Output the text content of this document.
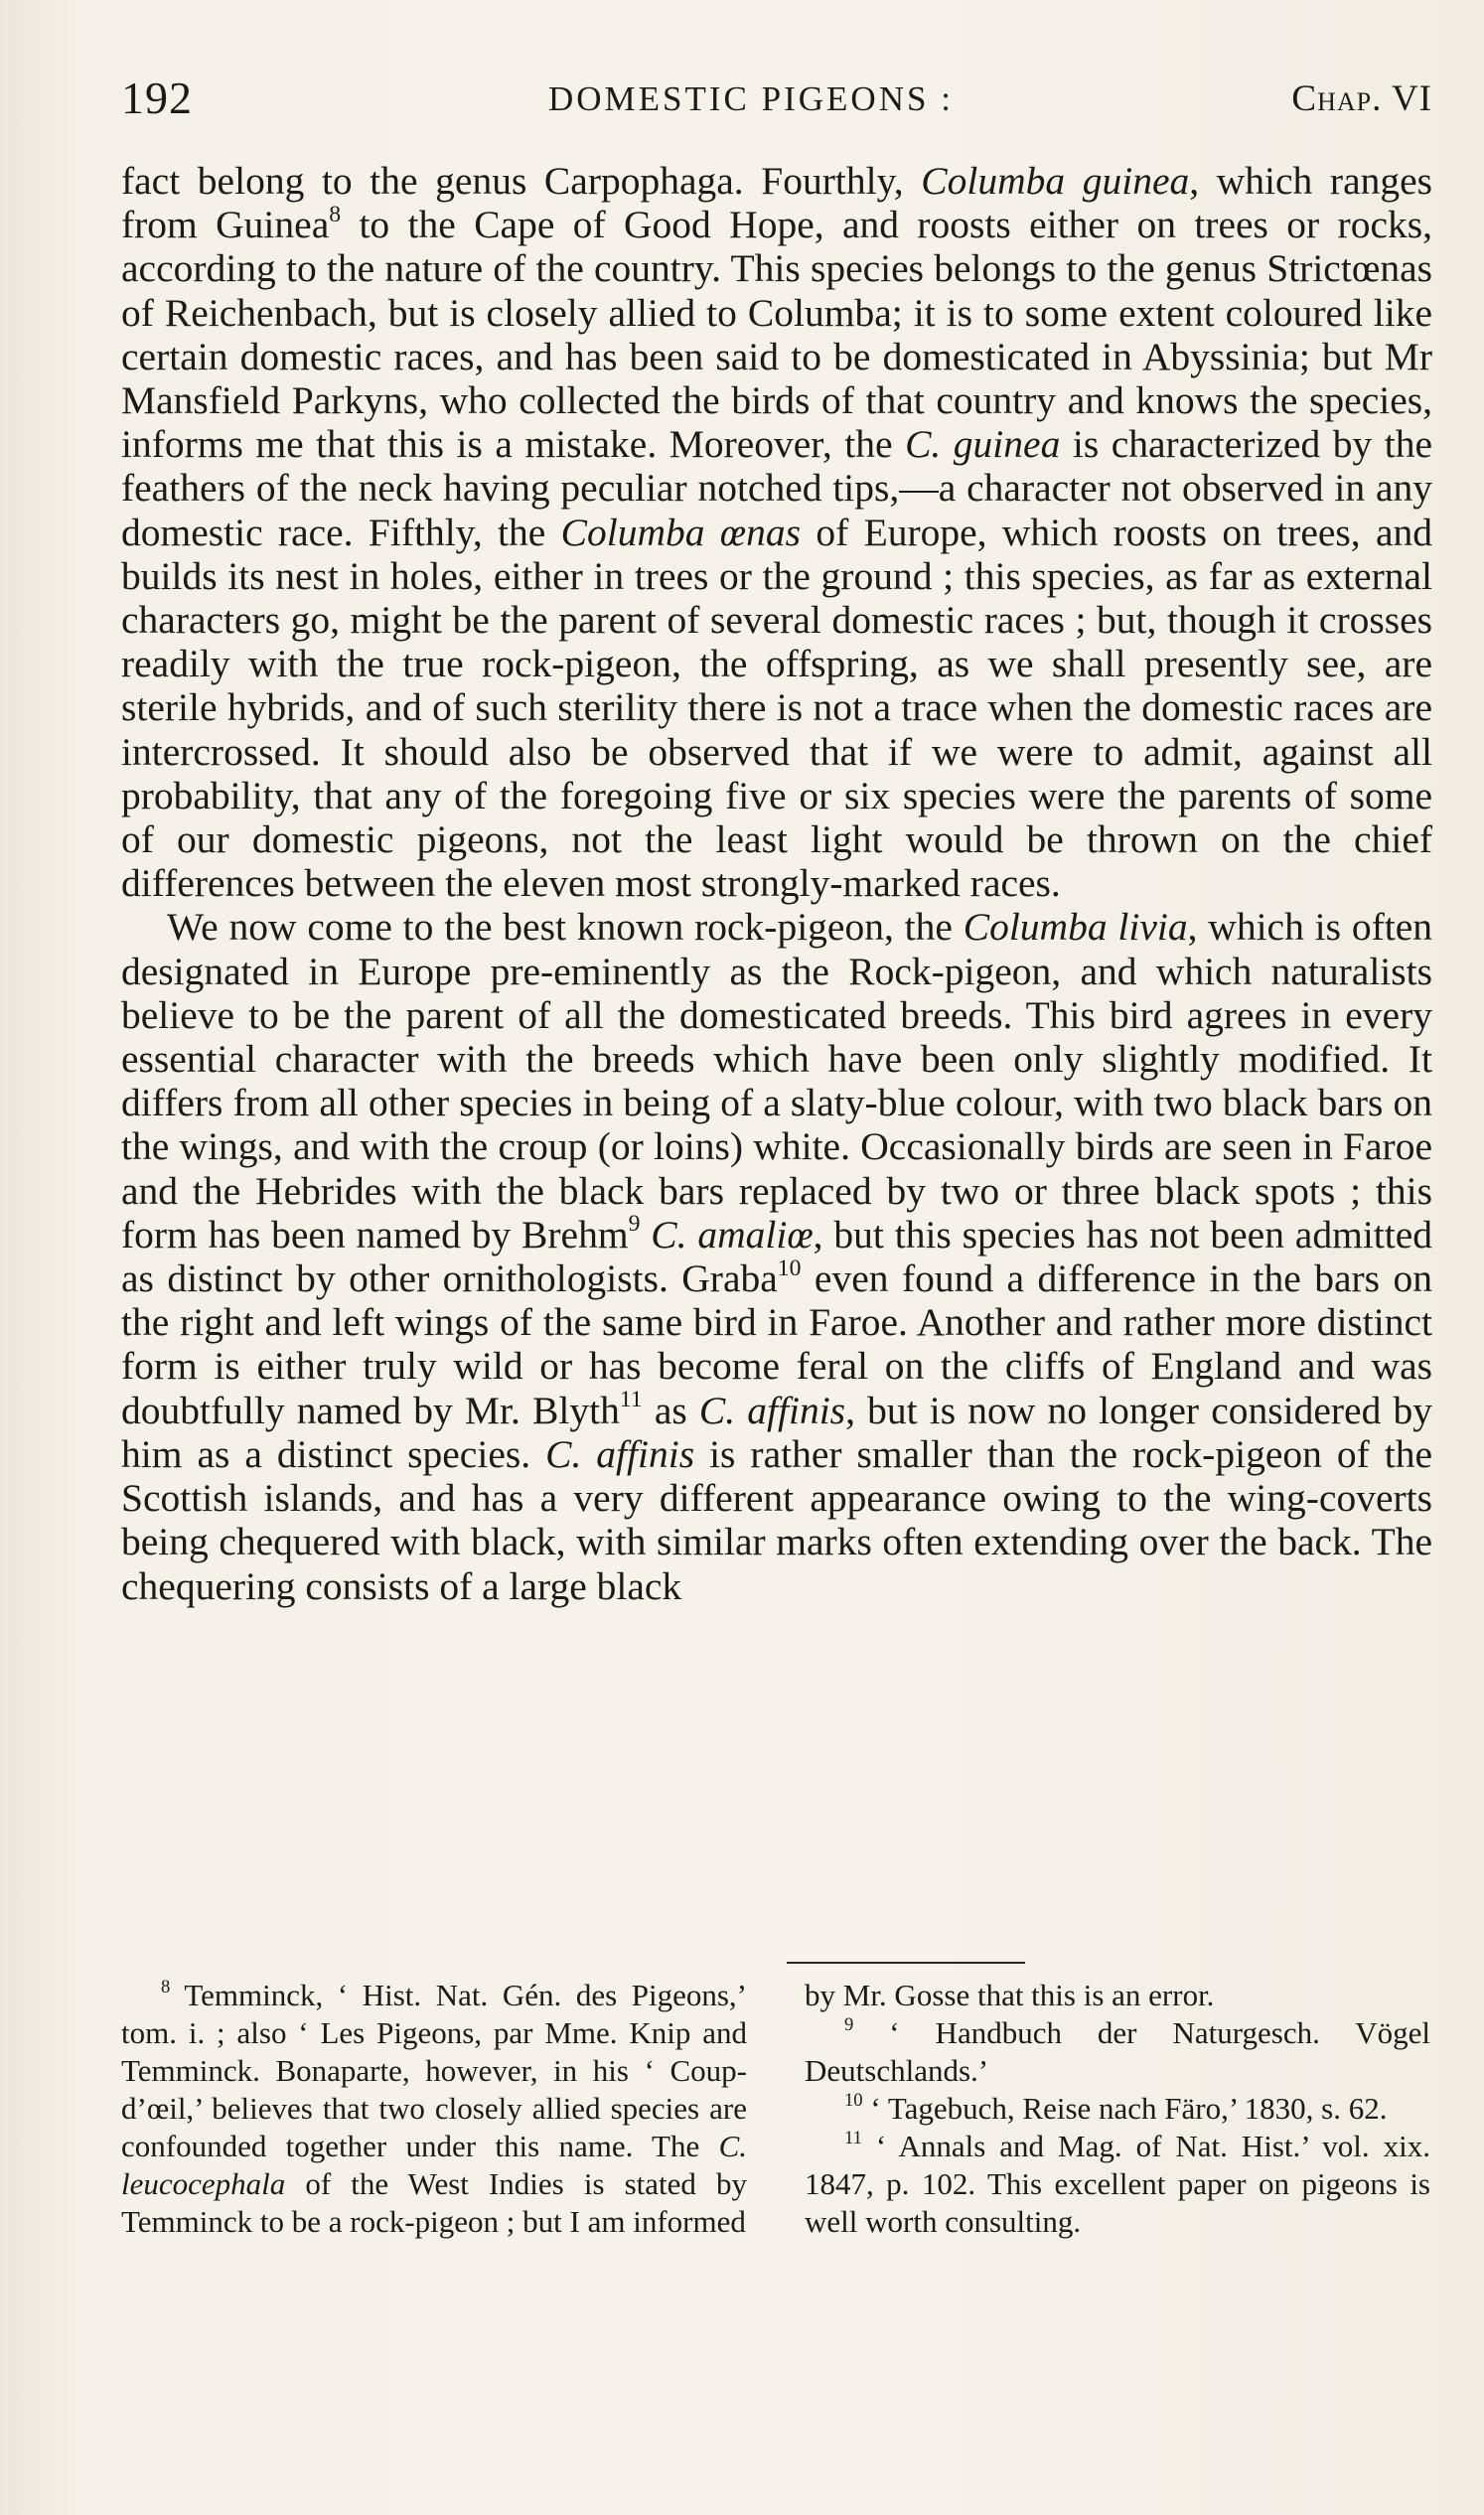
192	DOMESTIC PIGEONS :	Chap. VI

fact belong to the genus Carpophaga. Fourthly, Columba guinea, which ranges from Guinea$^8$ to the Cape of Good Hope, and roosts either on trees or rocks, according to the nature of the country. This species belongs to the genus Strictœnas of Reichenbach, but is closely allied to Columba; it is to some extent coloured like certain domestic races, and has been said to be domesticated in Abyssinia; but Mr Mansfield Parkyns, who collected the birds of that country and knows the species, informs me that this is a mistake. Moreover, the C. guinea is characterized by the feathers of the neck having peculiar notched tips,—a character not observed in any domestic race. Fifthly, the Columba œnas of Europe, which roosts on trees, and builds its nest in holes, either in trees or the ground ; this species, as far as external characters go, might be the parent of several domestic races ; but, though it crosses readily with the true rock-pigeon, the offspring, as we shall presently see, are sterile hybrids, and of such sterility there is not a trace when the domestic races are intercrossed. It should also be observed that if we were to admit, against all probability, that any of the foregoing five or six species were the parents of some of our domestic pigeons, not the least light would be thrown on the chief differences between the eleven most strongly-marked races.

We now come to the best known rock-pigeon, the Columba livia, which is often designated in Europe pre-eminently as the Rock-pigeon, and which naturalists believe to be the parent of all the domesticated breeds. This bird agrees in every essential character with the breeds which have been only slightly modified. It differs from all other species in being of a slaty-blue colour, with two black bars on the wings, and with the croup (or loins) white. Occasionally birds are seen in Faroe and the Hebrides with the black bars replaced by two or three black spots ; this form has been named by Brehm$^9$ C. amaliœ, but this species has not been admitted as distinct by other ornithologists. Graba$^{10}$ even found a difference in the bars on the right and left wings of the same bird in Faroe. Another and rather more distinct form is either truly wild or has become feral on the cliffs of England and was doubtfully named by Mr. Blyth$^{11}$ as C. affinis, but is now no longer considered by him as a distinct species. C. affinis is rather smaller than the rock-pigeon of the Scottish islands, and has a very different appearance owing to the wing-coverts being chequered with black, with similar marks often extending over the back. The chequering consists of a large black

$^8$ Temminck, ‘ Hist. Nat. Gén. des Pigeons,’ tom. i. ; also ‘ Les Pigeons, par Mme. Knip and Temminck. Bonaparte, however, in his ‘ Coup-d’œil,’ believes that two closely allied species are confounded together under this name. The C. leucocephala of the West Indies is stated by Temminck to be a rock-pigeon ; but I am informed

by Mr. Gosse that this is an error.

$^9$ ‘ Handbuch der Naturgesch. Vögel Deutschlands.’

$^{10}$ ‘ Tagebuch, Reise nach Färo,’ 1830, s. 62.

$^{11}$ ‘ Annals and Mag. of Nat. Hist.’ vol. xix. 1847, p. 102. This excellent paper on pigeons is well worth consulting.
